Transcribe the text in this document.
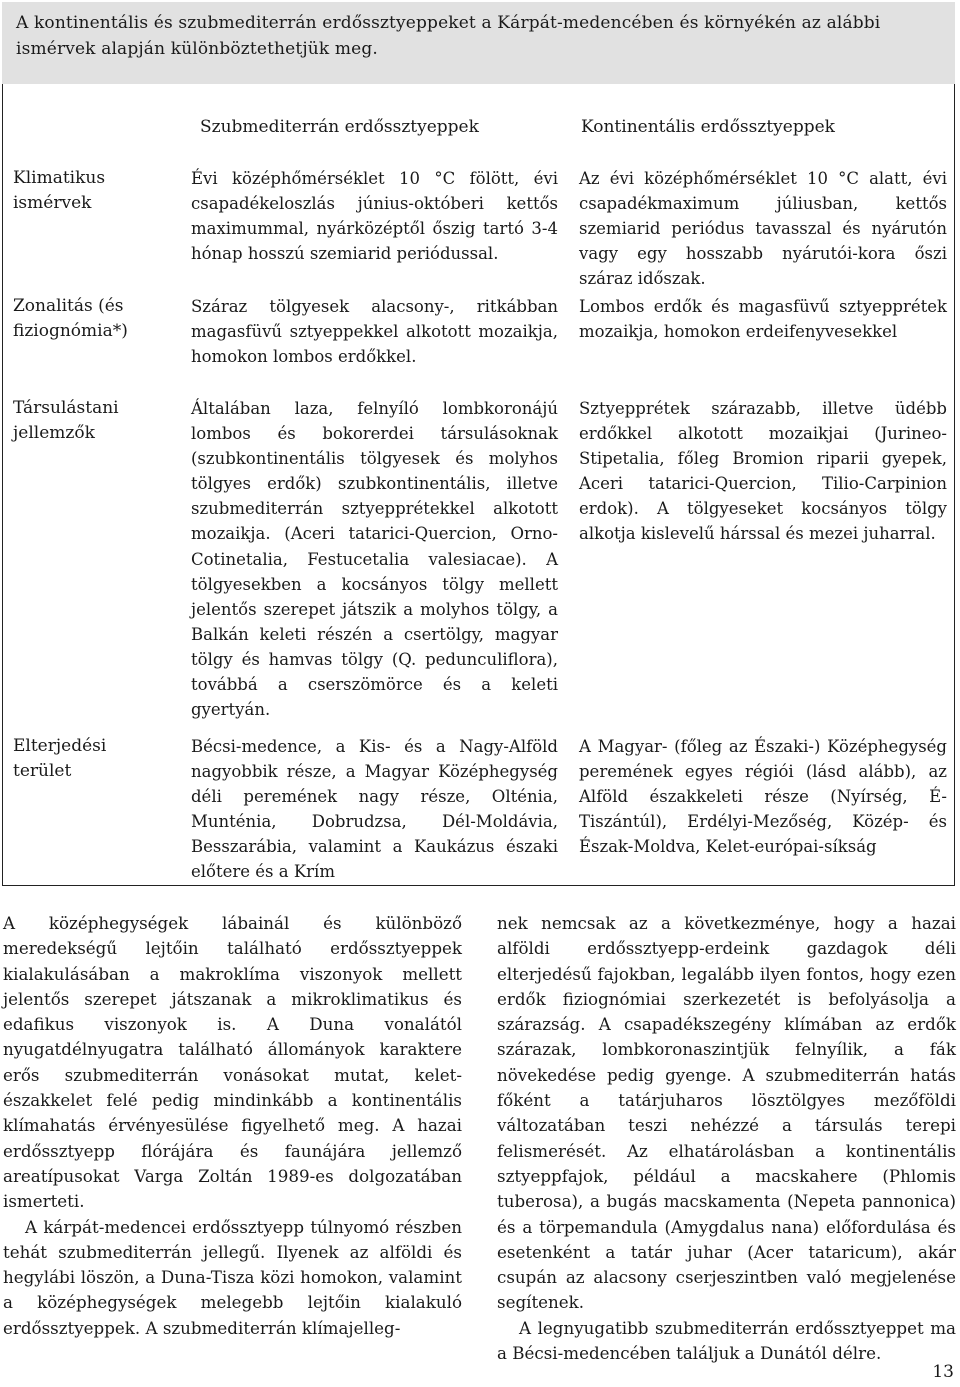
A kontinentális és szubmediterrán erdőssztyeppeket a Kárpát-medencében és környékén az alábbi ismérvek alapján különböztethetjük meg.
Szubmediterrán erdőssztyeppek	Kontinentális erdőssztyeppek
Klimatikus ismérvek
Évi középhőmérséklet 10 °C fölött, évi csapadékeloszlás június-októberi kettős maximummal, nyárközéptől őszig tartó 3-4 hónap hosszú szemiarid periódussal.
Az évi középhőmérséklet 10 °C alatt, évi csapadékmaximum júliusban, kettős szemiarid periódus tavasszal és nyárutón vagy egy hosszabb nyárutói-kora őszi száraz időszak.
Zonalitás (és fiziognómia*)
Száraz tölgyesek alacsony-, ritkábban magasfüvű sztyeppekkel alkotott mozaikja, homokon lombos erdőkkel.
Lombos erdők és magasfüvű sztyepprétek mozaikja, homokon erdeifenyvesekkel
Társulástani jellemzők
Általában laza, felnyíló lombkoronájú lombos és bokorerdei társulásoknak (szubkontinentális tölgyesek és molyhos tölgyes erdők) szubkontinentális, illetve szubmediterrán sztyepprétekkel alkotott mozaikja. (Aceri tatarici-Quercion, Orno-Cotinetalia, Festucetalia valesiacae). A tölgyesekben a kocsányos tölgy mellett jelentős szerepet játszik a molyhos tölgy, a Balkán keleti részén a csertölgy, magyar tölgy és hamvas tölgy (Q. pedunculiflora), továbbá a cserszömörce és a keleti gyertyán.
Sztyepprétek szárazabb, illetve üdébb erdőkkel alkotott mozaikjai (Jurineo-Stipetalia, főleg Bromion riparii gyepek, Aceri tatarici-Quercion, Tilio-Carpinion erdok). A tölgyeseket kocsányos tölgy alkotja kislevelű hárssal és mezei juharral.
Elterjedési terület
Bécsi-medence, a Kis- és a Nagy-Alföld nagyobbik része, a Magyar Középhegység déli peremének nagy része, Olténia, Munténia, Dobrudzsa, Dél-Moldávia, Besszarábia, valamint a Kaukázus északi előtere és a Krím
A Magyar- (főleg az Északi-) Középhegység peremének egyes régiói (lásd alább), az Alföld északkeleti része (Nyírség, É-Tiszántúl), Erdélyi-Mezőség, Közép- és Észak-Moldva, Kelet-európai-síkság

A középhegységek lábainál és különböző meredekségű lejtőin található erdőssztyeppek kialakulásában a makroklíma viszonyok mellett jelentős szerepet játszanak a mikroklimatikus és edafikus viszonyok is. A Duna vonalától nyugatdélnyugatra található állományok karaktere erős szubmediterrán vonásokat mutat, kelet-északkelet felé pedig mindinkább a kontinentális klímahatás érvényesülése figyelhető meg. A hazai erdőssztyepp flórájára és faunájára jellemző areatípusokat Varga Zoltán 1989-es dolgozatában ismerteti.

A kárpát-medencei erdőssztyepp túlnyomó részben tehát szubmediterrán jellegű. Ilyenek az alföldi és hegylábi löszön, a Duna-Tisza közi homokon, valamint a középhegységek melegebb lejtőin kialakuló erdőssztyeppek. A szubmediterrán klímajelleg-

nek nemcsak az a következménye, hogy a hazai alföldi erdőssztyepp-erdeink gazdagok déli elterjedésű fajokban, legalább ilyen fontos, hogy ezen erdők fiziognómiai szerkezetét is befolyásolja a szárazság. A csapadékszegény klímában az erdők szárazak, lombkoronaszintjük felnyílik, a fák növekedése pedig gyenge. A szubmediterrán hatás főként a tatárjuharos lösztölgyes mezőföldi változatában teszi nehézzé a társulás terepi felismerését. Az elhatárolásban a kontinentális sztyeppfajok, például a macskahere (Phlomis tuberosa), a bugás macskamenta (Nepeta pannonica) és a törpemandula (Amygdalus nana) előfordulása és esetenként a tatár juhar (Acer tataricum), akár csupán az alacsony cserjeszintben való megjelenése segítenek.

A legnyugatibb szubmediterrán erdőssztyeppet ma a Bécsi-medencében találjuk a Dunától délre.

13
